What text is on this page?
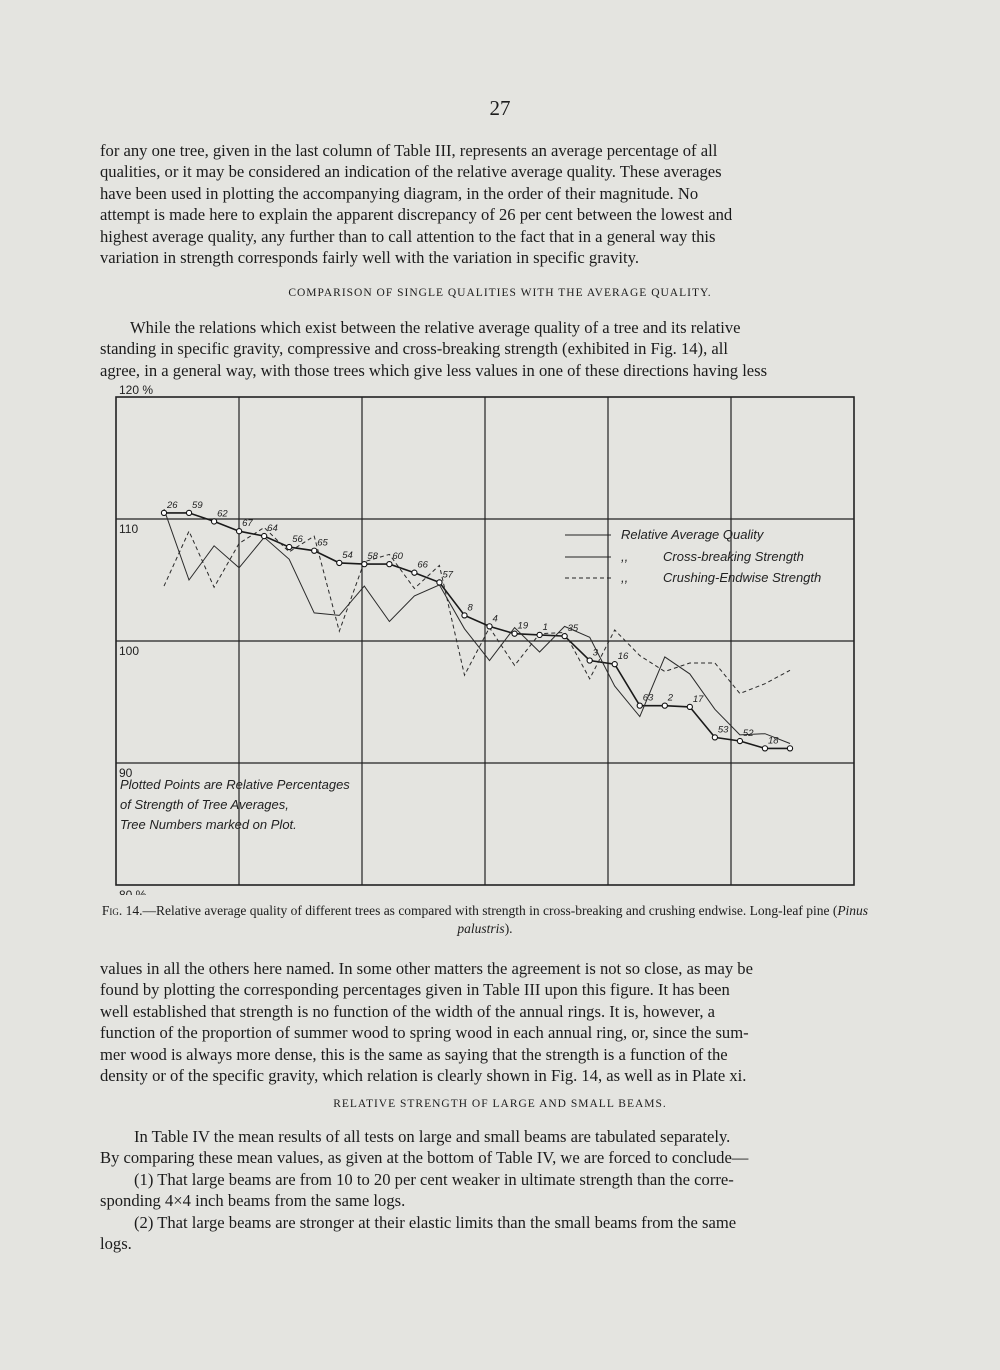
27

for any one tree, given in the last column of Table III, represents an average percentage of all
qualities, or it may be considered an indication of the relative average quality. These averages
have been used in plotting the accompanying diagram, in the order of their magnitude. No
attempt is made here to explain the apparent discrepancy of 26 per cent between the lowest and
highest average quality, any further than to call attention to the fact that in a general way this
variation in strength corresponds fairly well with the variation in specific gravity.

COMPARISON OF SINGLE QUALITIES WITH THE AVERAGE QUALITY.

While the relations which exist between the relative average quality of a tree and its relative
standing in specific gravity, compressive and cross-breaking strength (exhibited in Fig. 14), all
agree, in a general way, with those trees which give less values in one of these directions having less

120 %
110
100
90
80 %
26 59
62
67 64
56 65
54 58 60
66
57
8
4
19 1 35
3 16
63 2 17
53 52
18
Relative Average Quality
,,	Cross-breaking Strength
,,	Crushing-Endwise Strength
Plotted Points are Relative Percentages
of Strength of Tree Averages,
Tree Numbers marked on Plot.
Fig. 14.—Relative average quality of different trees as compared with strength in cross-breaking and crushing endwise. Long-leaf pine (Pinus palustris).

values in all the others here named. In some other matters the agreement is not so close, as may be
found by plotting the corresponding percentages given in Table III upon this figure. It has been
well established that strength is no function of the width of the annual rings. It is, however, a
function of the proportion of summer wood to spring wood in each annual ring, or, since the sum-
mer wood is always more dense, this is the same as saying that the strength is a function of the
density or of the specific gravity, which relation is clearly shown in Fig. 14, as well as in Plate xi.

RELATIVE STRENGTH OF LARGE AND SMALL BEAMS.

In Table IV the mean results of all tests on large and small beams are tabulated separately.
By comparing these mean values, as given at the bottom of Table IV, we are forced to conclude—
(1) That large beams are from 10 to 20 per cent weaker in ultimate strength than the corre-
sponding 4×4 inch beams from the same logs.
(2) That large beams are stronger at their elastic limits than the small beams from the same
logs.
